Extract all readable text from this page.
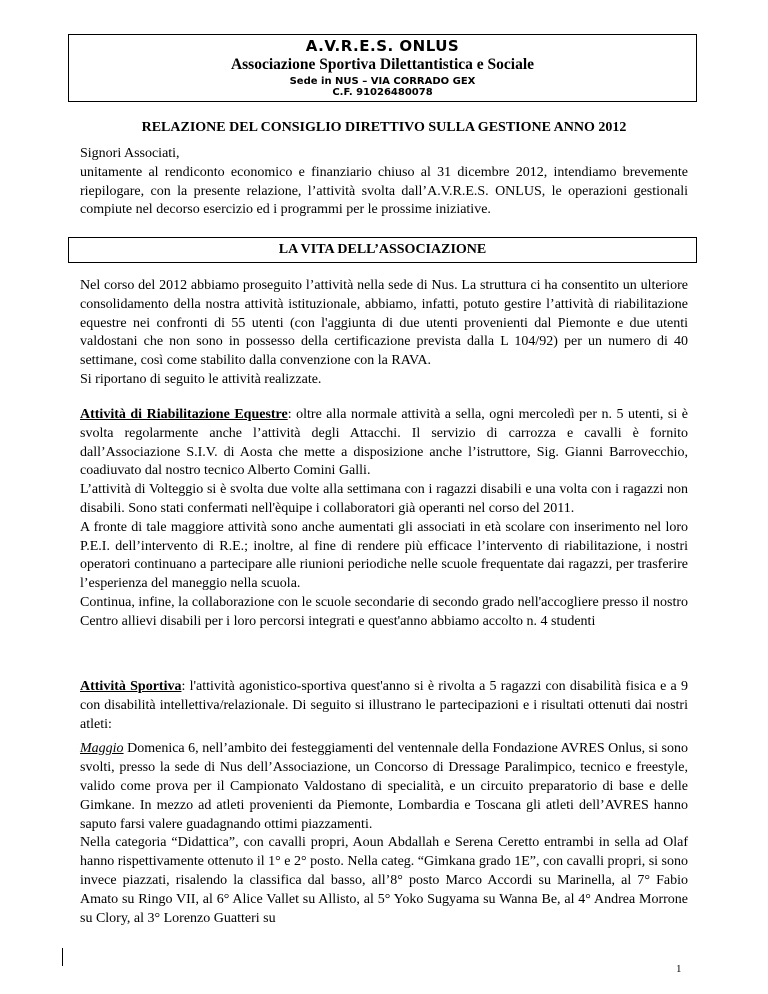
A.V.R.E.S. ONLUS
Associazione Sportiva Dilettantistica e Sociale
Sede in NUS – VIA CORRADO GEX
C.F. 91026480078
RELAZIONE DEL CONSIGLIO DIRETTIVO SULLA GESTIONE ANNO 2012

Signori Associati,

unitamente al rendiconto economico e finanziario chiuso al 31 dicembre 2012, intendiamo brevemente riepilogare, con la presente relazione, l’attività svolta dall’A.V.R.E.S. ONLUS, le operazioni gestionali compiute nel decorso esercizio ed i programmi per le prossime iniziative.

LA VITA DELL’ASSOCIAZIONE

Nel corso del 2012 abbiamo proseguito l’attività nella sede di Nus. La struttura ci ha consentito un ulteriore consolidamento della nostra attività istituzionale, abbiamo, infatti, potuto gestire l’attività di riabilitazione equestre nei confronti di 55 utenti (con l'aggiunta di due utenti provenienti dal Piemonte e due utenti valdostani che non sono in possesso della certificazione prevista dalla L 104/92) per un numero di 40 settimane, così come stabilito dalla convenzione con la RAVA.

Si riportano di seguito le attività realizzate.

Attività di Riabilitazione Equestre: oltre alla normale attività a sella, ogni mercoledì per n. 5 utenti, si è svolta regolarmente anche l’attività degli Attacchi. Il servizio di carrozza e cavalli è fornito dall’Associazione S.I.V. di Aosta che mette a disposizione anche l’istruttore, Sig. Gianni Barrovecchio, coadiuvato dal nostro tecnico Alberto Comini Galli.

L’attività di Volteggio si è svolta due volte alla settimana con i ragazzi disabili e una volta con i ragazzi non disabili. Sono stati confermati nell'èquipe i collaboratori già operanti nel corso del 2011.

A fronte di tale maggiore attività sono anche aumentati gli associati in età scolare con inserimento nel loro P.E.I. dell’intervento di R.E.; inoltre, al fine di rendere più efficace l’intervento di riabilitazione, i nostri operatori continuano a partecipare alle riunioni periodiche nelle scuole frequentate dai ragazzi, per trasferire l’esperienza del maneggio nella scuola.

Continua, infine, la collaborazione con le scuole secondarie di secondo grado nell'accogliere presso il nostro Centro allievi disabili per i loro percorsi integrati e quest'anno abbiamo accolto n. 4 studenti

Attività Sportiva: l'attività agonistico-sportiva quest'anno si è rivolta a 5 ragazzi con disabilità fisica e a 9 con disabilità intellettiva/relazionale. Di seguito si illustrano le partecipazioni e i risultati ottenuti dai nostri atleti:

Maggio Domenica 6, nell’ambito dei festeggiamenti del ventennale della Fondazione AVRES Onlus, si sono svolti, presso la sede di Nus dell’Associazione, un Concorso di Dressage Paralimpico, tecnico e freestyle, valido come prova per il Campionato Valdostano di specialità, e un circuito preparatorio di base e delle Gimkane. In mezzo ad atleti provenienti da Piemonte, Lombardia e Toscana gli atleti dell’AVRES hanno saputo farsi valere guadagnando ottimi piazzamenti.

Nella categoria “Didattica”, con cavalli propri, Aoun Abdallah e Serena Ceretto entrambi in sella ad Olaf hanno rispettivamente ottenuto il 1° e 2° posto. Nella categ. “Gimkana grado 1E”, con cavalli propri, si sono invece piazzati, risalendo la classifica dal basso, all’8° posto Marco Accordi su Marinella, al 7° Fabio Amato su Ringo VII, al 6° Alice Vallet su Allisto, al 5° Yoko Sugyama su Wanna Be, al 4° Andrea Morrone su Clory, al 3° Lorenzo Guatteri su

1
